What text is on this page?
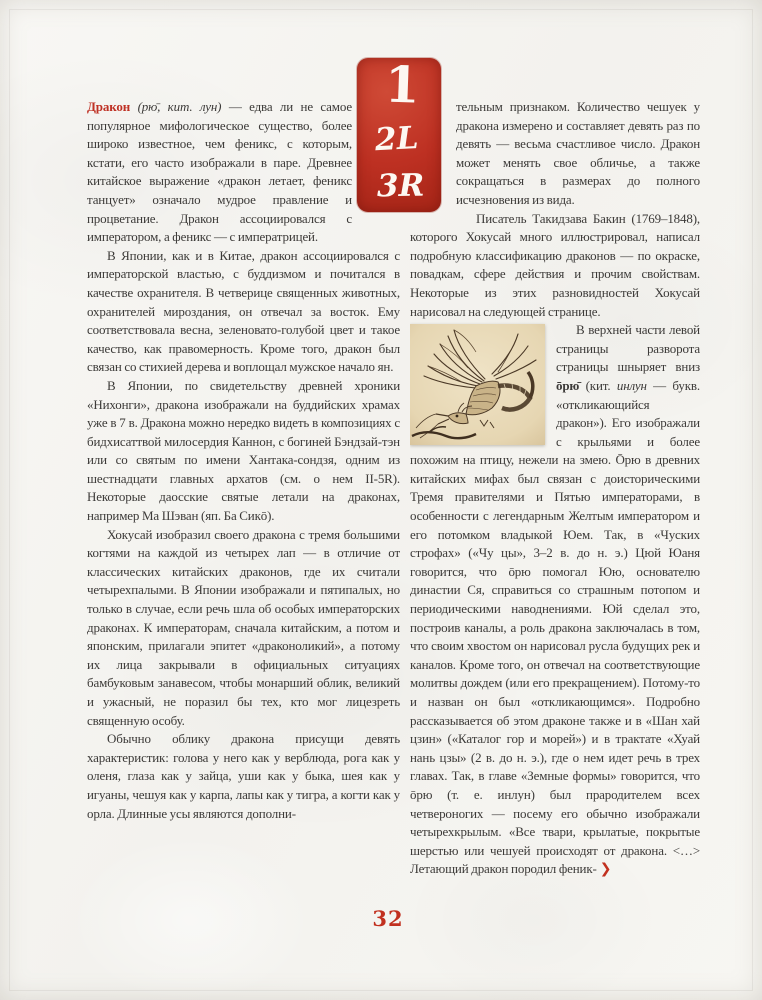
1
2L
3R

Дракон (рю̄, кит. лун) — едва ли не самое популярное мифологическое существо, более широко известное, чем феникс, с которым, кстати, его часто изображали в паре. Древнее китайское выражение «дракон летает, феникс танцует» означало мудрое правление и процветание. Дракон ассоциировался с императором, а феникс — с императрицей.

В Японии, как и в Китае, дракон ассоциировался с императорской властью, с буддизмом и почитался в качестве охранителя. В четверице священных животных, охранителей мироздания, он отвечал за восток. Ему соответствовала весна, зеленовато-голубой цвет и такое качество, как правомерность. Кроме того, дракон был связан со стихией дерева и воплощал мужское начало ян.

В Японии, по свидетельству древней хроники «Нихонги», дракона изображали на буддийских храмах уже в 7 в. Дракона можно нередко видеть в композициях с бидхисаттвой милосердия Каннон, с богиней Бэндзай-тэн или со святым по имени Хантака-сондзя, одним из шестнадцати главных архатов (см. о нем II-5R). Некоторые даосские святые летали на драконах, например Ма Шэван (яп. Ба Сикō).

Хокусай изобразил своего дракона с тремя большими когтями на каждой из четырех лап — в отличие от классических китайских драконов, где их считали четырехпалыми. В Японии изображали и пятипалых, но только в случае, если речь шла об особых императорских драконах. К императорам, сначала китайским, а потом и японским, прилагали эпитет «драконоликий», а потому их лица закрывали в официальных ситуациях бамбуковым занавесом, чтобы монарший облик, великий и ужасный, не поразил бы тех, кто мог лицезреть священную особу.

Обычно облику дракона присущи девять характеристик: голова у него как у верблюда, рога как у оленя, глаза как у зайца, уши как у быка, шея как у игуаны, чешуя как у карпа, лапы как у тигра, а когти как у орла. Длинные усы являются дополни-

тельным признаком. Количество чешуек у дракона измерено и составляет девять раз по девять — весьма счастливое число. Дракон может менять свое обличье, а также сокращаться в размерах до полного исчезновения из вида.

Писатель Такидзава Бакин (1769–1848), которого Хокусай много иллюстрировал, написал подробную классификацию драконов — по окраске, повадкам, сфере действия и прочим свойствам. Некоторые из этих разновидностей Хокусай нарисовал на следующей странице.

В верхней части левой страницы разворота страницы шныряет вниз ōрю̄ (кит. инлун — букв. «откликающийся дракон»). Его изображали с крыльями и более похожим на птицу, нежели на змею. Ōрю в древних китайских мифах был связан с доисторическими Тремя правителями и Пятью императорами, в особенности с легендарным Желтым императором и его потомком владыкой Юем. Так, в «Чуских строфах» («Чу цы», 3–2 в. до н. э.) Цюй Юаня говорится, что ōрю помогал Юю, основателю династии Ся, справиться со страшным потопом и периодическими наводнениями. Юй сделал это, построив каналы, а роль дракона заключалась в том, что своим хвостом он нарисовал русла будущих рек и каналов. Кроме того, он отвечал на соответствующие молитвы дождем (или его прекращением). Потому-то и назван он был «откликающимся». Подробно рассказывается об этом драконе также и в «Шан хай цзин» («Каталог гор и морей») и в трактате «Хуай нань цзы» (2 в. до н. э.), где о нем идет речь в трех главах. Так, в главе «Земные формы» говорится, что ōрю (т. е. инлун) был прародителем всех четвероногих — посему его обычно изображали четырехкрылым. «Все твари, крылатые, покрытые шерстью или чешуей происходят от дракона. <…> Летающий дракон породил феник- ❯

32
